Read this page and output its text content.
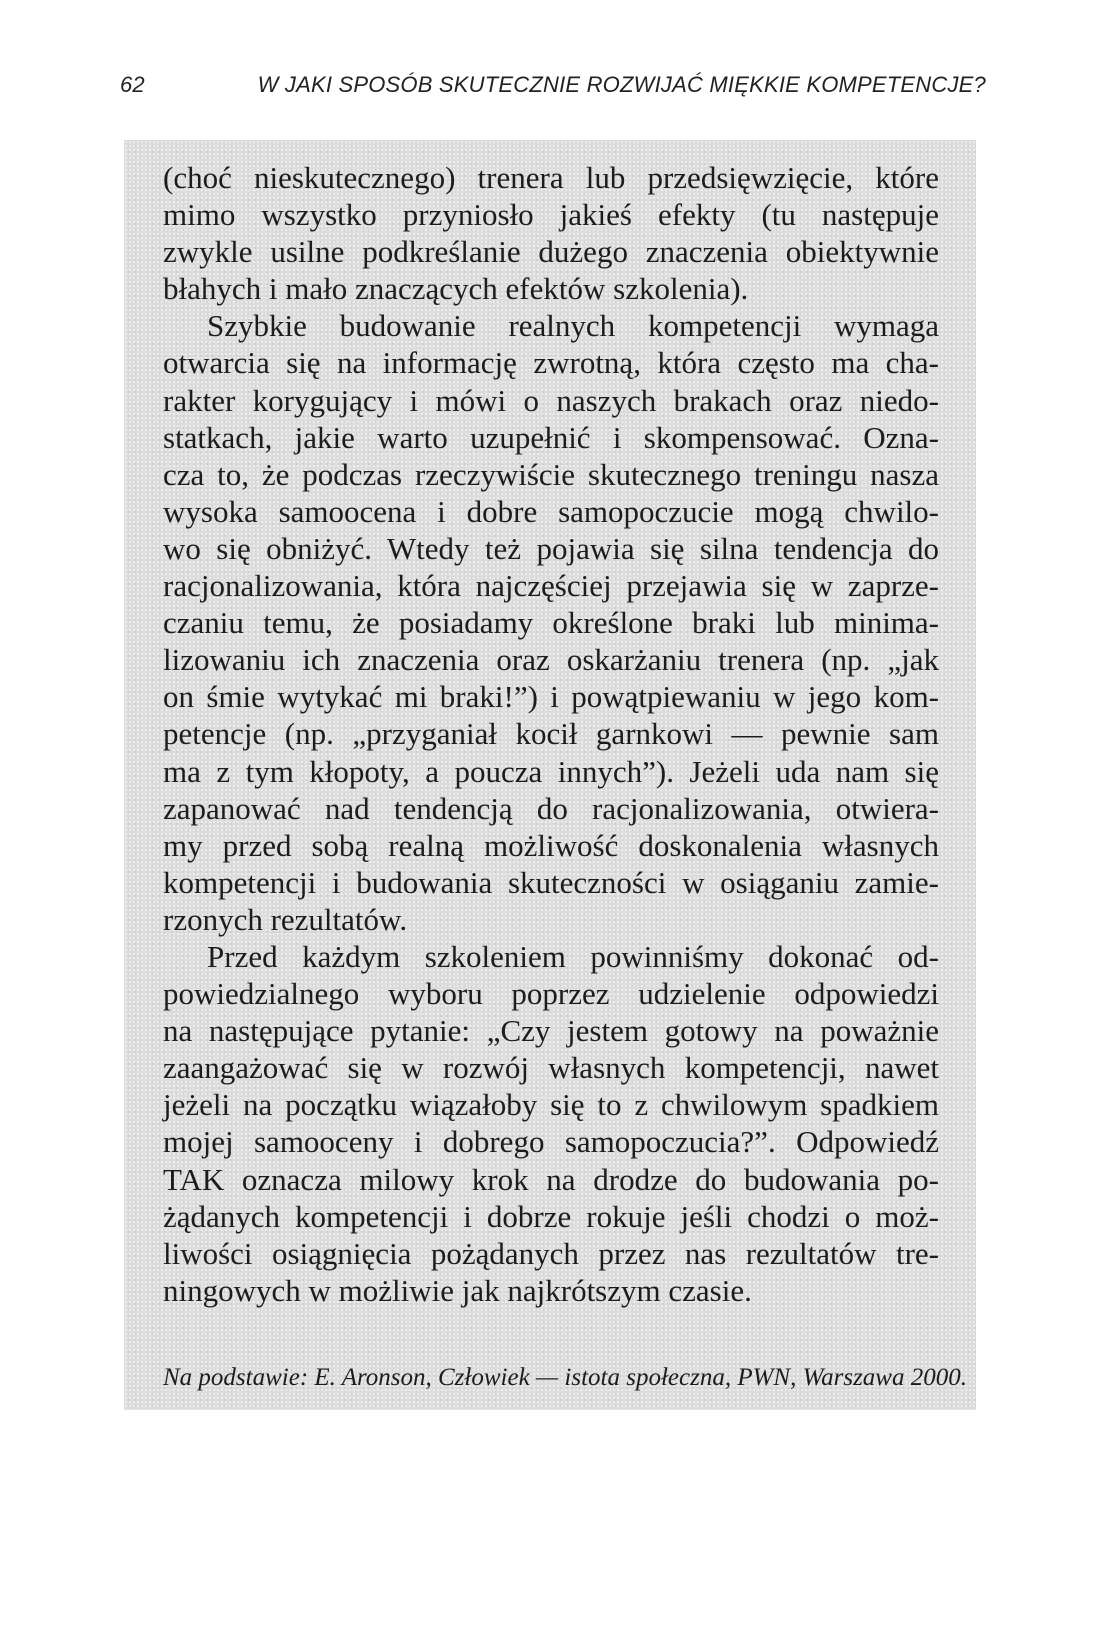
62	W JAKI SPOSÓB SKUTECZNIE ROZWIJAĆ MIĘKKIE KOMPETENCJE?
(choć nieskutecznego) trenera lub przedsięwzięcie, które
mimo wszystko przyniosło jakieś efekty (tu następuje
zwykle usilne podkreślanie dużego znaczenia obiektywnie
błahych i mało znaczących efektów szkolenia).
Szybkie budowanie realnych kompetencji wymaga
otwarcia się na informację zwrotną, która często ma cha-
rakter korygujący i mówi o naszych brakach oraz niedo-
statkach, jakie warto uzupełnić i skompensować. Ozna-
cza to, że podczas rzeczywiście skutecznego treningu nasza
wysoka samoocena i dobre samopoczucie mogą chwilo-
wo się obniżyć. Wtedy też pojawia się silna tendencja do
racjonalizowania, która najczęściej przejawia się w zaprze-
czaniu temu, że posiadamy określone braki lub minima-
lizowaniu ich znaczenia oraz oskarżaniu trenera (np. „jak
on śmie wytykać mi braki!”) i powątpiewaniu w jego kom-
petencje (np. „przyganiał kocił garnkowi — pewnie sam
ma z tym kłopoty, a poucza innych”). Jeżeli uda nam się
zapanować nad tendencją do racjonalizowania, otwiera-
my przed sobą realną możliwość doskonalenia własnych
kompetencji i budowania skuteczności w osiąganiu zamie-
rzonych rezultatów.
Przed każdym szkoleniem powinniśmy dokonać od-
powiedzialnego wyboru poprzez udzielenie odpowiedzi
na następujące pytanie: „Czy jestem gotowy na poważnie
zaangażować się w rozwój własnych kompetencji, nawet
jeżeli na początku wiązałoby się to z chwilowym spadkiem
mojej samooceny i dobrego samopoczucia?”. Odpowiedź
TAK oznacza milowy krok na drodze do budowania po-
żądanych kompetencji i dobrze rokuje jeśli chodzi o moż-
liwości osiągnięcia pożądanych przez nas rezultatów tre-
ningowych w możliwie jak najkrótszym czasie.
Na podstawie: E. Aronson, Człowiek — istota społeczna, PWN, Warszawa 2000.
